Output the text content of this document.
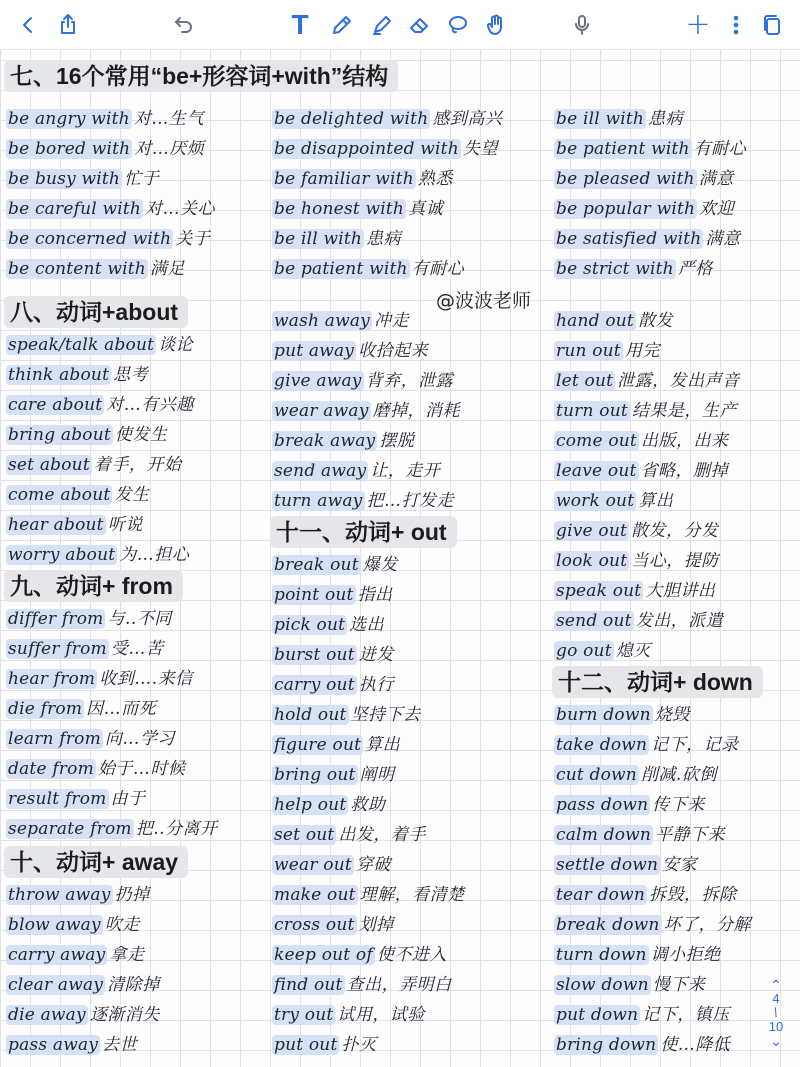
T	+
七、16个常用“be+形容词+with”结构
be angry with 对…生气
be bored with 对…厌烦
be busy with 忙于
be careful with 对…关心
be concerned with 关于
be content with 满足
be delighted with 感到高兴
be disappointed with 失望
be familiar with 熟悉
be honest with 真诚
be ill with 患病
be patient with 有耐心
be ill with 患病
be patient with 有耐心
be pleased with 满意
be popular with 欢迎
be satisfied with 满意
be strict with 严格
@波波老师
八、动词+about
speak/talk about 谈论
think about 思考
care about 对…有兴趣
bring about 使发生
set about 着手，开始
come about 发生
hear about 听说
worry about 为…担心
九、动词+ from
differ from 与..不同
suffer from 受…苦
hear from 收到….来信
die from 因…而死
learn from 向…学习
date from 始于…时候
result from 由于
separate from 把..分离开
十、动词+ away
throw away 扔掉
blow away 吹走
carry away 拿走
clear away 清除掉
die away 逐渐消失
pass away 去世
wash away 冲走
put away 收拾起来
give away 背弃，泄露
wear away 磨掉，消耗
break away 摆脱
send away 让，走开
turn away 把…打发走
十一、动词+ out
break out 爆发
point out 指出
pick out 选出
burst out 迸发
carry out 执行
hold out 坚持下去
figure out 算出
bring out 阐明
help out 救助
set out 出发，着手
wear out 穿破
make out 理解，看清楚
cross out 划掉
keep out of 使不进入
find out 查出，弄明白
try out 试用，试验
put out 扑灭
hand out 散发
run out 用完
let out 泄露，发出声音
turn out 结果是，生产
come out 出版，出来
leave out 省略，删掉
work out 算出
give out 散发，分发
look out 当心，提防
speak out 大胆讲出
send out 发出，派遣
go out 熄灭
十二、动词+ down
burn down 烧毁
take down 记下，记录
cut down 削减.砍倒
pass down 传下来
calm down 平静下来
settle down 安家
tear down 拆毁，拆除
break down 坏了，分解
turn down 调小拒绝
slow down 慢下来
put down 记下，镇压
bring down 使…降低
⌃
4
/
10
⌄
